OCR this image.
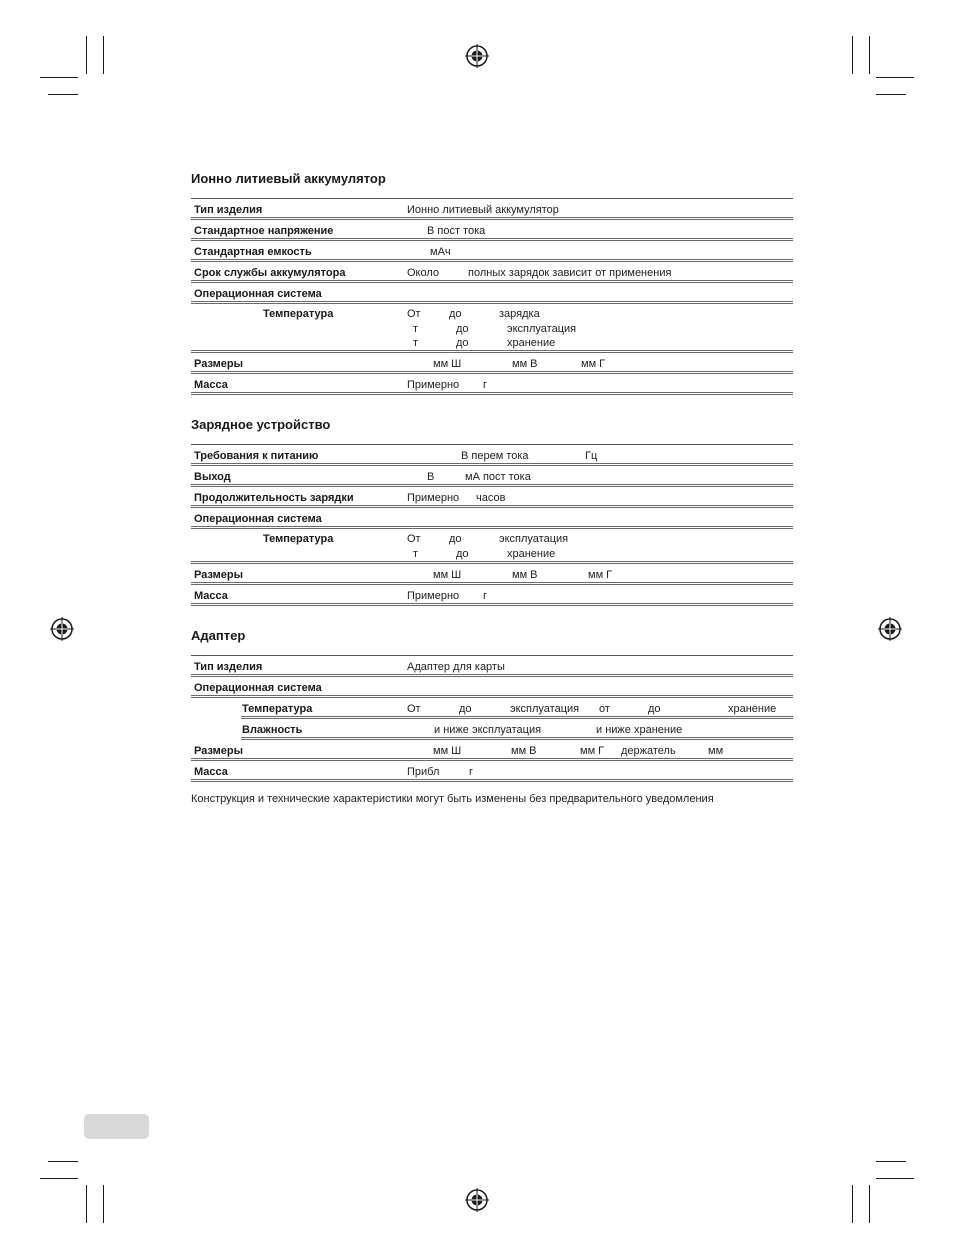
Ионно литиевый аккумулятор
Тип изделия	Ионно литиевый аккумулятор
Стандартное напряжение	В пост тока
Стандартная емкость	мАч
Срок службы аккумулятора	Около	полных зарядок зависит от применения
Операционная система
Температура	От	до	зарядка
т	до	эксплуатация
т	до	хранение
Размеры	мм Ш	мм В	мм Г
Масса	Примерно г
Зарядное устройство
Требования к питанию	В перем тока	Гц
Выход	В	мА пост тока
Продолжительность зарядки	Примерно часов
Операционная система
Температура	От	до	эксплуатация
т	до	хранение
Размеры	мм Ш	мм В	мм Г
Масса	Примерно г
Адаптер
Тип изделия	Адаптер для карты
Операционная система
Температура	От	до	эксплуатация от	до	хранение
Влажность	и ниже эксплуатация	и ниже хранение
Размеры	мм Ш	мм В	мм Г держатель	мм
Масса	Прибл	г
Конструкция и технические характеристики могут быть изменены без предварительного уведомления
